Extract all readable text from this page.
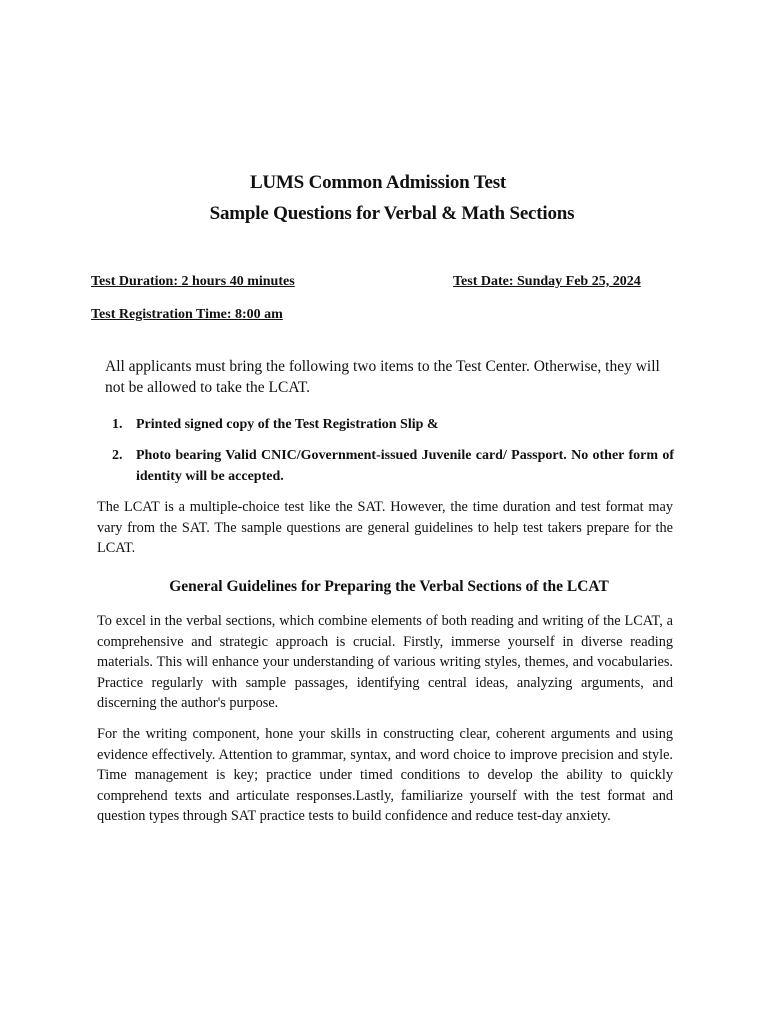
LUMS Common Admission Test
Sample Questions for Verbal & Math Sections
Test Duration: 2 hours 40 minutes	Test Date: Sunday Feb 25, 2024
Test Registration Time: 8:00 am
All applicants must bring the following two items to the Test Center. Otherwise, they will not be allowed to take the LCAT.
1. Printed signed copy of the Test Registration Slip &
2. Photo bearing Valid CNIC/Government-issued Juvenile card/ Passport. No other form of identity will be accepted.
The LCAT is a multiple-choice test like the SAT. However, the time duration and test format may vary from the SAT. The sample questions are general guidelines to help test takers prepare for the LCAT.
General Guidelines for Preparing the Verbal Sections of the LCAT
To excel in the verbal sections, which combine elements of both reading and writing of the LCAT, a comprehensive and strategic approach is crucial. Firstly, immerse yourself in diverse reading materials. This will enhance your understanding of various writing styles, themes, and vocabularies. Practice regularly with sample passages, identifying central ideas, analyzing arguments, and discerning the author's purpose.
For the writing component, hone your skills in constructing clear, coherent arguments and using evidence effectively. Attention to grammar, syntax, and word choice to improve precision and style. Time management is key; practice under timed conditions to develop the ability to quickly comprehend texts and articulate responses.Lastly, familiarize yourself with the test format and question types through SAT practice tests to build confidence and reduce test-day anxiety.
